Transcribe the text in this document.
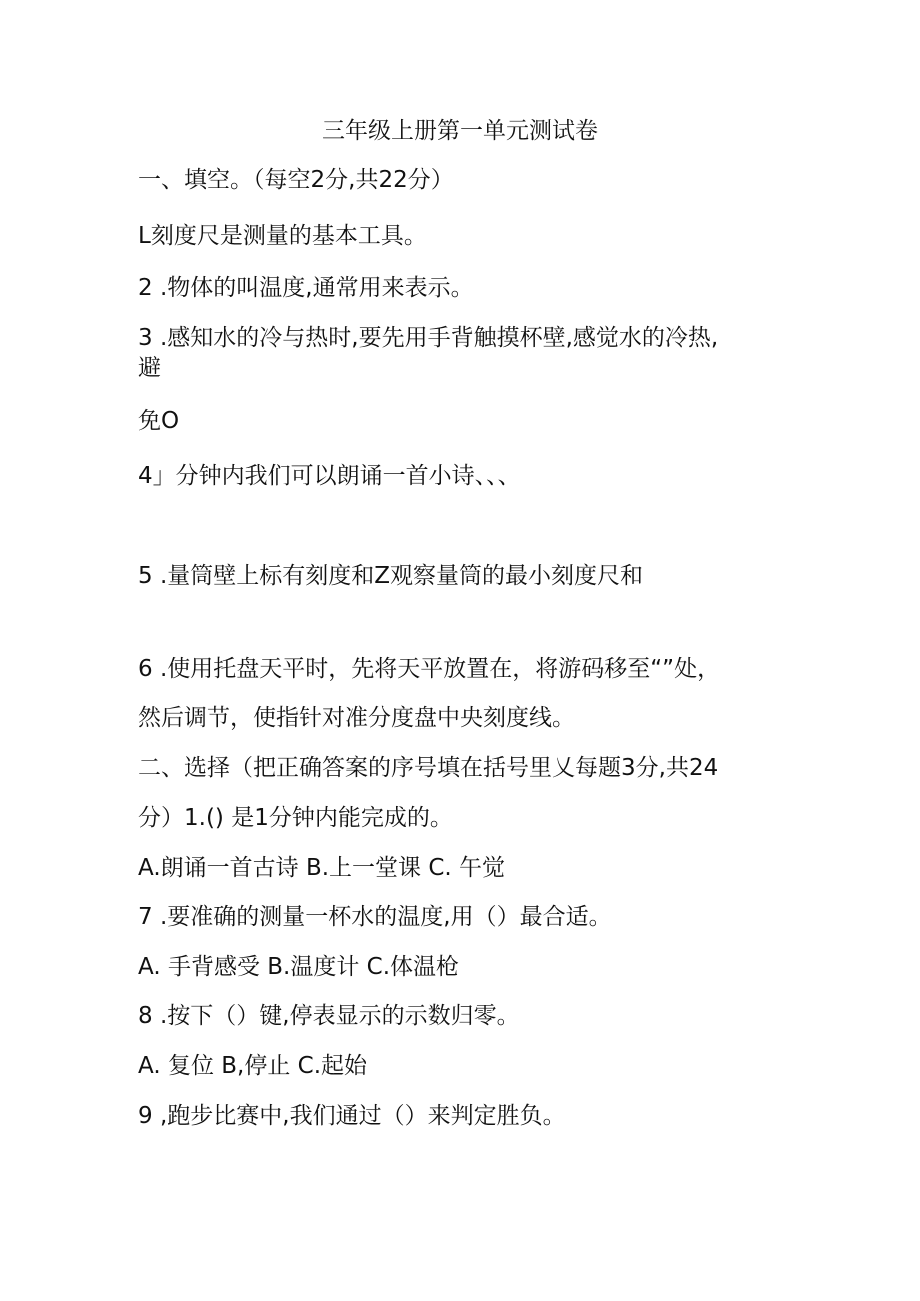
三年级上册第一单元测试卷
一、填空。（每空2分,共22分）
L刻度尺是测量的基本工具。
2 .物体的叫温度,通常用来表示。
3 .感知水的冷与热时,要先用手背触摸杯壁,感觉水的冷热,
避
免O
4」分钟内我们可以朗诵一首小诗、、、
5 .量筒壁上标有刻度和Z观察量筒的最小刻度尺和
6 .使用托盘天平时，先将天平放置在，将游码移至“”处，
然后调节，使指针对准分度盘中央刻度线。
二、选择（把正确答案的序号填在括号里乂每题3分,共24
分）1.() 是1分钟内能完成的。
A.朗诵一首古诗 B.上一堂课 C. 午觉
7 .要准确的测量一杯水的温度,用（）最合适。
A. 手背感受 B.温度计 C.体温枪
8 .按下（）键,停表显示的示数归零。
A. 复位 B,停止 C.起始
9 ,跑步比赛中,我们通过（）来判定胜负。
